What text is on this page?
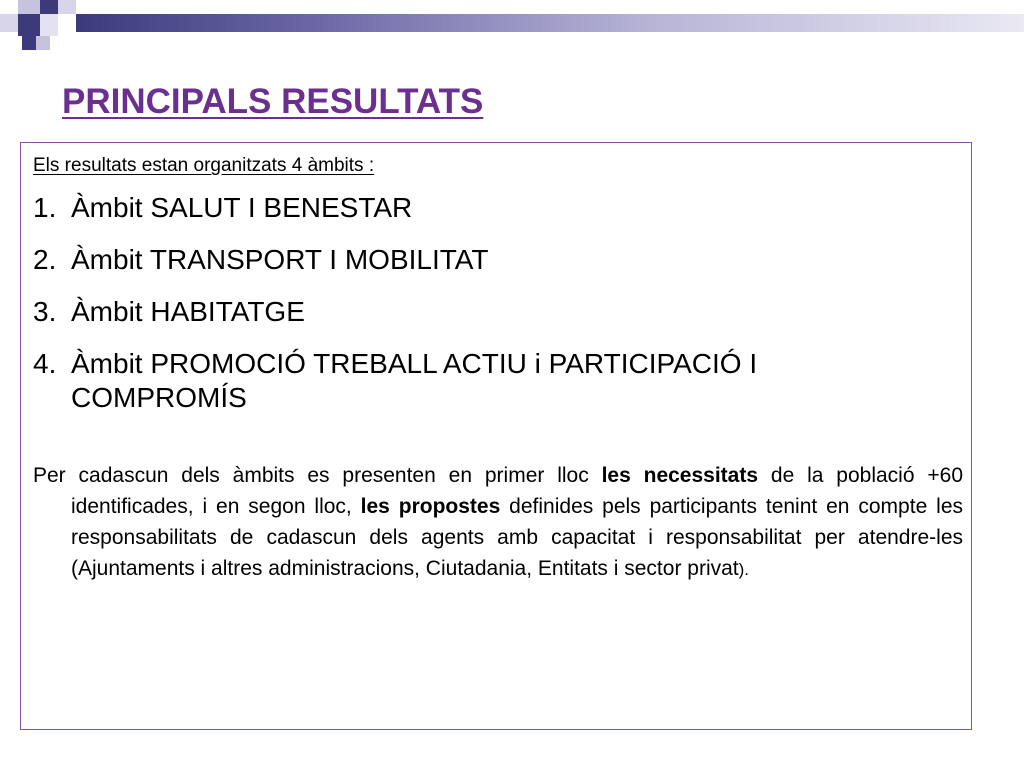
PRINCIPALS RESULTATS
Els resultats estan organitzats 4 àmbits :
1. Àmbit SALUT I BENESTAR
2. Àmbit TRANSPORT I MOBILITAT
3. Àmbit HABITATGE
4. Àmbit PROMOCIÓ TREBALL ACTIU i PARTICIPACIÓ I COMPROMÍS

Per cadascun dels àmbits es presenten en primer lloc les necessitats de la població +60 identificades, i en segon lloc, les propostes definides pels participants tenint en compte les responsabilitats de cadascun dels agents amb capacitat i responsabilitat per atendre-les (Ajuntaments i altres administracions, Ciutadania, Entitats i sector privat).
